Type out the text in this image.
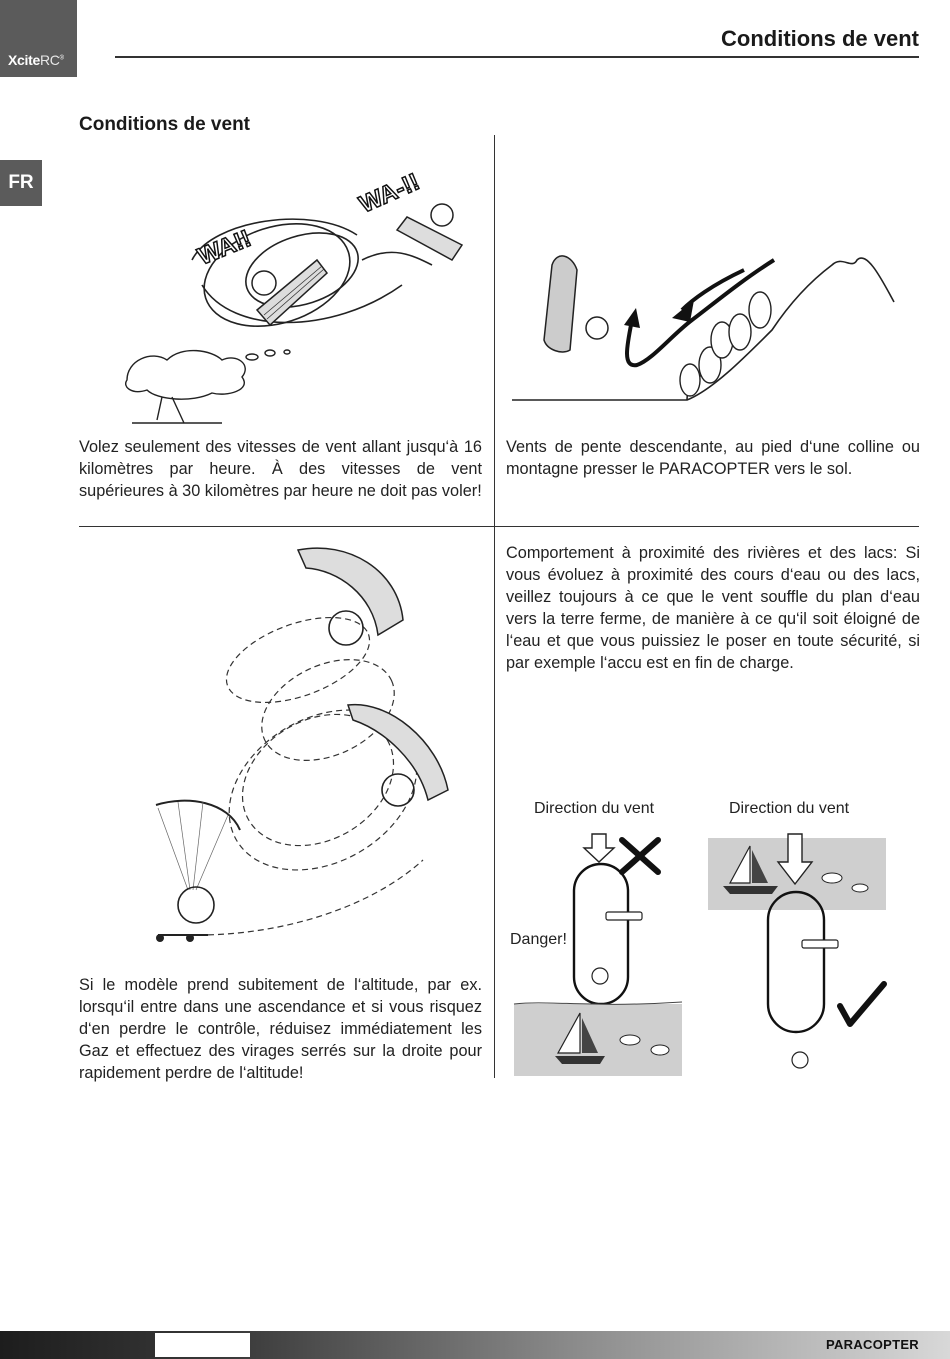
XciteRC®
Conditions de vent
FR
Conditions de vent
WA!!
WA-!!
Volez seulement des vitesses de vent allant jusqu‘à 16 kilomètres par heure. À des vitesses de vent supérieures à 30 kilomètres par heure ne doit pas voler!
Vents de pente descendante, au pied d‘une colline ou montagne presser le PARACOPTER vers le sol.
Comportement à proximité des rivières et des lacs: Si vous évoluez à proximité des cours d‘eau ou des lacs, veillez toujours à ce que le vent souffle du plan d‘eau vers la terre ferme, de manière à ce qu‘il soit éloigné de l‘eau et que vous puissiez le poser en toute sécurité, si par exemple l‘accu est en fin de charge.
Si le modèle prend subitement de l‘altitude, par ex. lorsqu‘il entre dans une ascendance et si vous risquez d‘en perdre le contrôle, réduisez immédiatement les Gaz et effectuez des virages serrés sur la droite pour rapidement perdre de l‘altitude!
Direction du vent	Direction du vent
Danger!
PARACOPTER
